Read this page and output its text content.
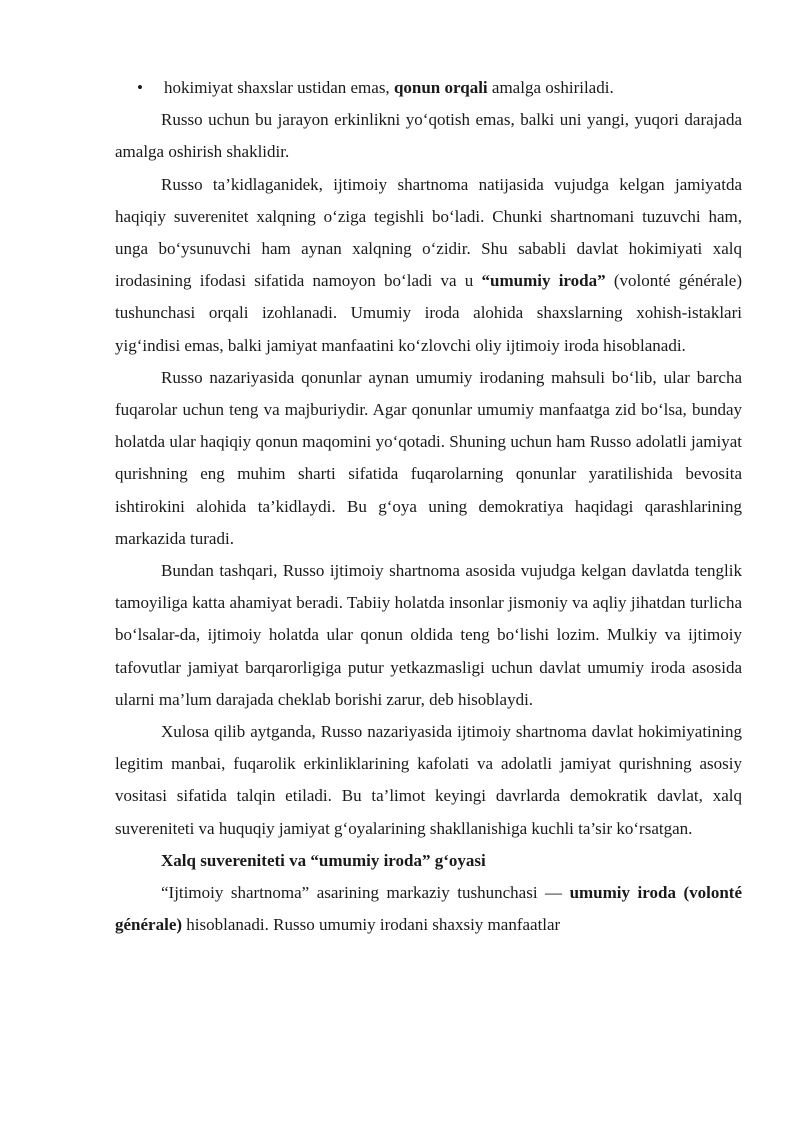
• hokimiyat shaxslar ustidan emas, qonun orqali amalga oshiriladi.

Russo uchun bu jarayon erkinlikni yo‘qotish emas, balki uni yangi, yuqori darajada amalga oshirish shaklidir.

Russo ta’kidlaganidek, ijtimoiy shartnoma natijasida vujudga kelgan jamiyatda haqiqiy suverenitet xalqning o‘ziga tegishli bo‘ladi. Chunki shartnomani tuzuvchi ham, unga bo‘ysunuvchi ham aynan xalqning o‘zidir. Shu sababli davlat hokimiyati xalq irodasining ifodasi sifatida namoyon bo‘ladi va u “umumiy iroda” (volonté générale) tushunchasi orqali izohlanadi. Umumiy iroda alohida shaxslarning xohish-istaklari yig‘indisi emas, balki jamiyat manfaatini ko‘zlovchi oliy ijtimoiy iroda hisoblanadi.

Russo nazariyasida qonunlar aynan umumiy irodaning mahsuli bo‘lib, ular barcha fuqarolar uchun teng va majburiydir. Agar qonunlar umumiy manfaatga zid bo‘lsa, bunday holatda ular haqiqiy qonun maqomini yo‘qotadi. Shuning uchun ham Russo adolatli jamiyat qurishning eng muhim sharti sifatida fuqarolarning qonunlar yaratilishida bevosita ishtirokini alohida ta’kidlaydi. Bu g‘oya uning demokratiya haqidagi qarashlarining markazida turadi.

Bundan tashqari, Russo ijtimoiy shartnoma asosida vujudga kelgan davlatda tenglik tamoyiliga katta ahamiyat beradi. Tabiiy holatda insonlar jismoniy va aqliy jihatdan turlicha bo‘lsalar-da, ijtimoiy holatda ular qonun oldida teng bo‘lishi lozim. Mulkiy va ijtimoiy tafovutlar jamiyat barqarorligiga putur yetkazmasligi uchun davlat umumiy iroda asosida ularni ma’lum darajada cheklab borishi zarur, deb hisoblaydi.

Xulosa qilib aytganda, Russo nazariyasida ijtimoiy shartnoma davlat hokimiyatining legitim manbai, fuqarolik erkinliklarining kafolati va adolatli jamiyat qurishning asosiy vositasi sifatida talqin etiladi. Bu ta’limot keyingi davrlarda demokratik davlat, xalq suvereniteti va huquqiy jamiyat g‘oyalarining shakllanishiga kuchli ta’sir ko‘rsatgan.

Xalq suvereniteti va “umumiy iroda” g‘oyasi

“Ijtimoiy shartnoma” asarining markaziy tushunchasi — umumiy iroda (volonté générale) hisoblanadi. Russo umumiy irodani shaxsiy manfaatlar
